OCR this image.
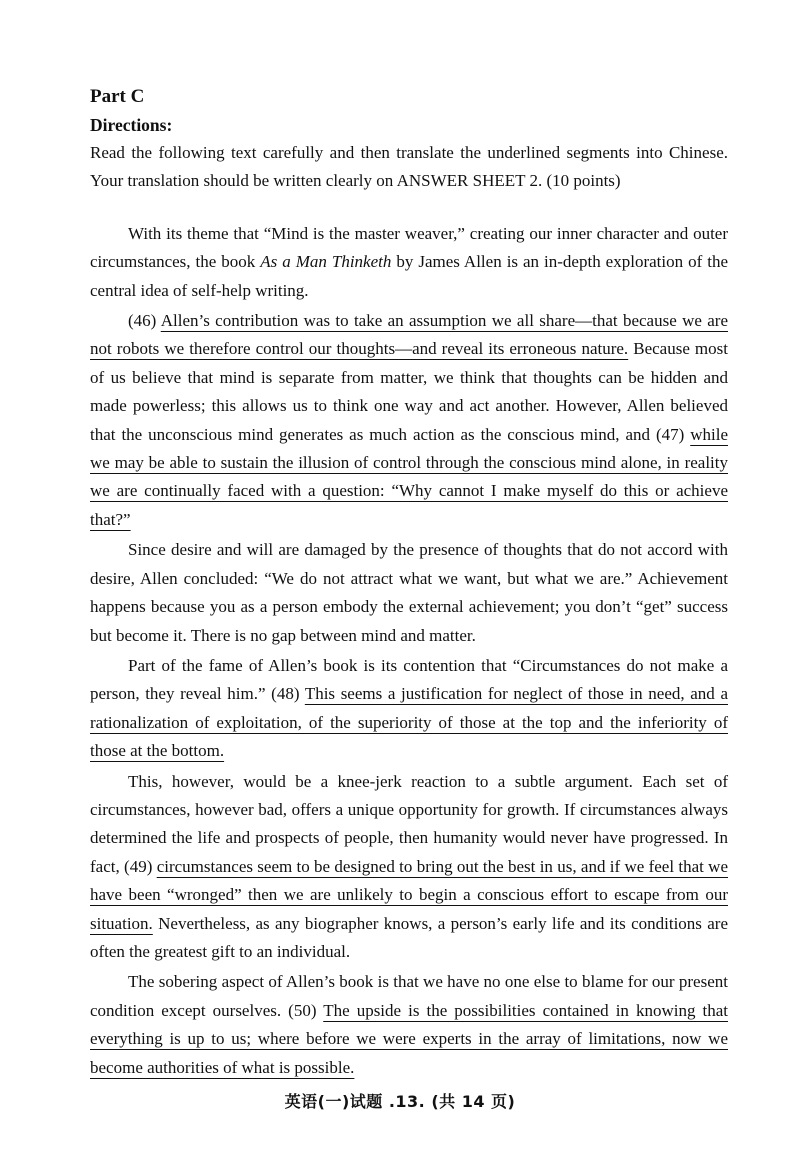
Part C
Directions:

Read the following text carefully and then translate the underlined segments into Chinese. Your translation should be written clearly on ANSWER SHEET 2. (10 points)

With its theme that “Mind is the master weaver,” creating our inner character and outer circumstances, the book As a Man Thinketh by James Allen is an in-depth exploration of the central idea of self-help writing.

(46) Allen’s contribution was to take an assumption we all share—that because we are not robots we therefore control our thoughts—and reveal its erroneous nature. Because most of us believe that mind is separate from matter, we think that thoughts can be hidden and made powerless; this allows us to think one way and act another. However, Allen believed that the unconscious mind generates as much action as the conscious mind, and (47) while we may be able to sustain the illusion of control through the conscious mind alone, in reality we are continually faced with a question: “Why cannot I make myself do this or achieve that?”

Since desire and will are damaged by the presence of thoughts that do not accord with desire, Allen concluded: “We do not attract what we want, but what we are.” Achievement happens because you as a person embody the external achievement; you don’t “get” success but become it. There is no gap between mind and matter.

Part of the fame of Allen’s book is its contention that “Circumstances do not make a person, they reveal him.” (48) This seems a justification for neglect of those in need, and a rationalization of exploitation, of the superiority of those at the top and the inferiority of those at the bottom.

This, however, would be a knee-jerk reaction to a subtle argument. Each set of circumstances, however bad, offers a unique opportunity for growth. If circumstances always determined the life and prospects of people, then humanity would never have progressed. In fact, (49) circumstances seem to be designed to bring out the best in us, and if we feel that we have been “wronged” then we are unlikely to begin a conscious effort to escape from our situation. Nevertheless, as any biographer knows, a person’s early life and its conditions are often the greatest gift to an individual.

The sobering aspect of Allen’s book is that we have no one else to blame for our present condition except ourselves. (50) The upside is the possibilities contained in knowing that everything is up to us; where before we were experts in the array of limitations, now we become authorities of what is possible.

英语(一)试题 .13. (共 14 页)
